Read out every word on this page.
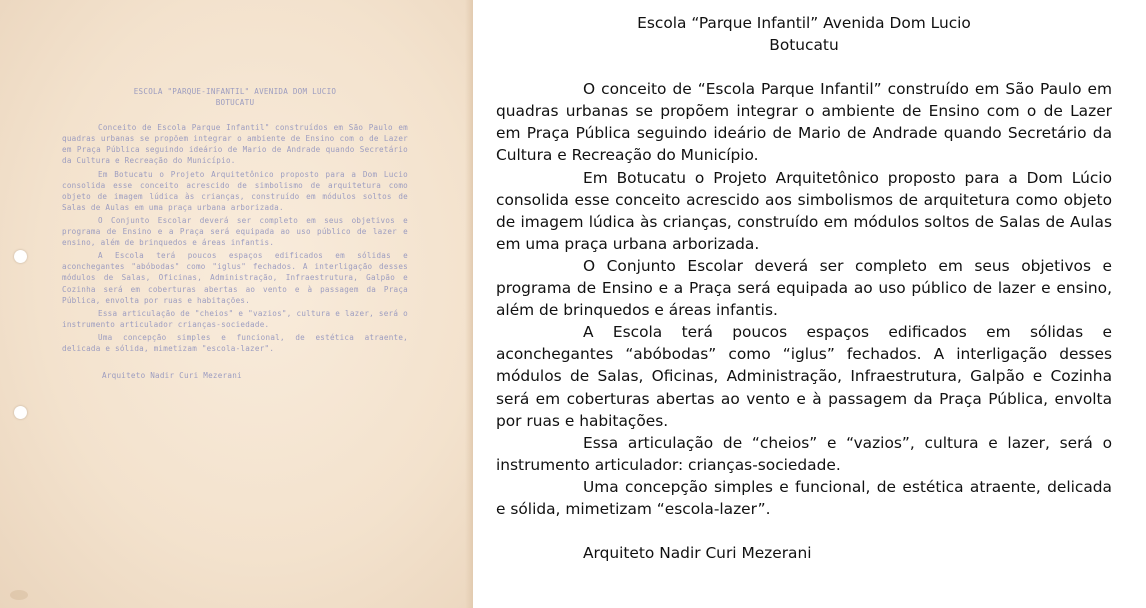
ESCOLA "PARQUE-INFANTIL" AVENIDA DOM LUCIO
BOTUCATU

Conceito de Escola Parque Infantil" construídos em São Paulo em quadras urbanas se propõem integrar o ambiente de Ensino com o de Lazer em Praça Pública seguindo ideário de Mario de Andrade quando Secretário da Cultura e Recreação do Município.

Em Botucatu o Projeto Arquitetônico proposto para a Dom Lucio consolida esse conceito acrescido de simbolismo de arquitetura como objeto de imagem lúdica às crianças, construído em módulos soltos de Salas de Aulas em uma praça urbana arborizada.

O Conjunto Escolar deverá ser completo em seus objetivos e programa de Ensino e a Praça será equipada ao uso público de lazer e ensino, além de brinquedos e áreas infantis.

A Escola terá poucos espaços edificados em sólidas e aconchegantes "abóbodas" como "iglus" fechados. A interligação desses módulos de Salas, Oficinas, Administração, Infraestrutura, Galpão e Cozinha será em coberturas abertas ao vento e à passagem da Praça Pública, envolta por ruas e habitações.

Essa articulação de "cheios" e "vazios", cultura e lazer, será o instrumento articulador crianças-sociedade.

Uma concepção simples e funcional, de estética atraente, delicada e sólida, mimetizam "escola-lazer".

Arquiteto Nadir Curi Mezerani
Escola “Parque Infantil” Avenida Dom Lucio
Botucatu

O conceito de “Escola Parque Infantil” construído em São Paulo em quadras urbanas se propõem integrar o ambiente de Ensino com o de Lazer em Praça Pública seguindo ideário de Mario de Andrade quando Secretário da Cultura e Recreação do Município.

Em Botucatu o Projeto Arquitetônico proposto para a Dom Lúcio consolida esse conceito acrescido aos simbolismos de arquitetura como objeto de imagem lúdica às crianças, construído em módulos soltos de Salas de Aulas em uma praça urbana arborizada.

O Conjunto Escolar deverá ser completo em seus objetivos e programa de Ensino e a Praça será equipada ao uso público de lazer e ensino, além de brinquedos e áreas infantis.

A Escola terá poucos espaços edificados em sólidas e aconchegantes “abóbodas” como “iglus” fechados. A interligação desses módulos de Salas, Oficinas, Administração, Infraestrutura, Galpão e Cozinha será em coberturas abertas ao vento e à passagem da Praça Pública, envolta por ruas e habitações.

Essa articulação de “cheios” e “vazios”, cultura e lazer, será o instrumento articulador: crianças-sociedade.

Uma concepção simples e funcional, de estética atraente, delicada e sólida, mimetizam “escola-lazer”.

Arquiteto Nadir Curi Mezerani
